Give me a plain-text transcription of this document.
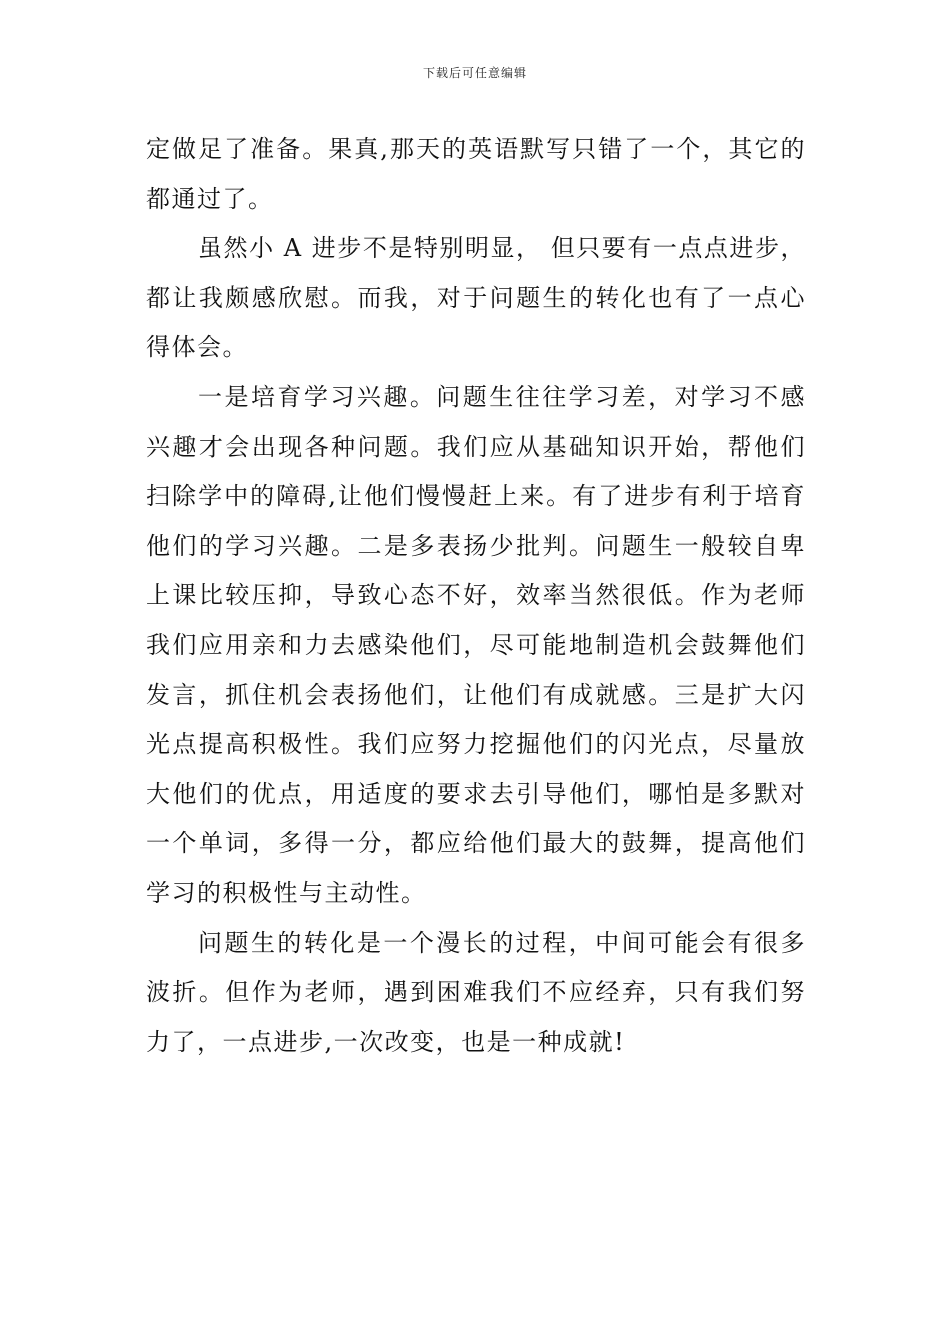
下载后可任意编辑

定做足了准备。果真,那天的英语默写只错了一个，其它的都通过了。

虽然小 A 进步不是特别明显， 但只要有一点点进步，都让我颇感欣慰。而我，对于问题生的转化也有了一点心得体会。

一是培育学习兴趣。问题生往往学习差，对学习不感兴趣才会出现各种问题。我们应从基础知识开始，帮他们扫除学中的障碍,让他们慢慢赶上来。有了进步有利于培育他们的学习兴趣。二是多表扬少批判。问题生一般较自卑上课比较压抑，导致心态不好，效率当然很低。作为老师我们应用亲和力去感染他们，尽可能地制造机会鼓舞他们发言，抓住机会表扬他们，让他们有成就感。三是扩大闪光点提高积极性。我们应努力挖掘他们的闪光点，尽量放大他们的优点，用适度的要求去引导他们，哪怕是多默对一个单词，多得一分，都应给他们最大的鼓舞，提高他们学习的积极性与主动性。

问题生的转化是一个漫长的过程，中间可能会有很多波折。但作为老师，遇到困难我们不应经弃，只有我们努力了，一点进步,一次改变，也是一种成就!
